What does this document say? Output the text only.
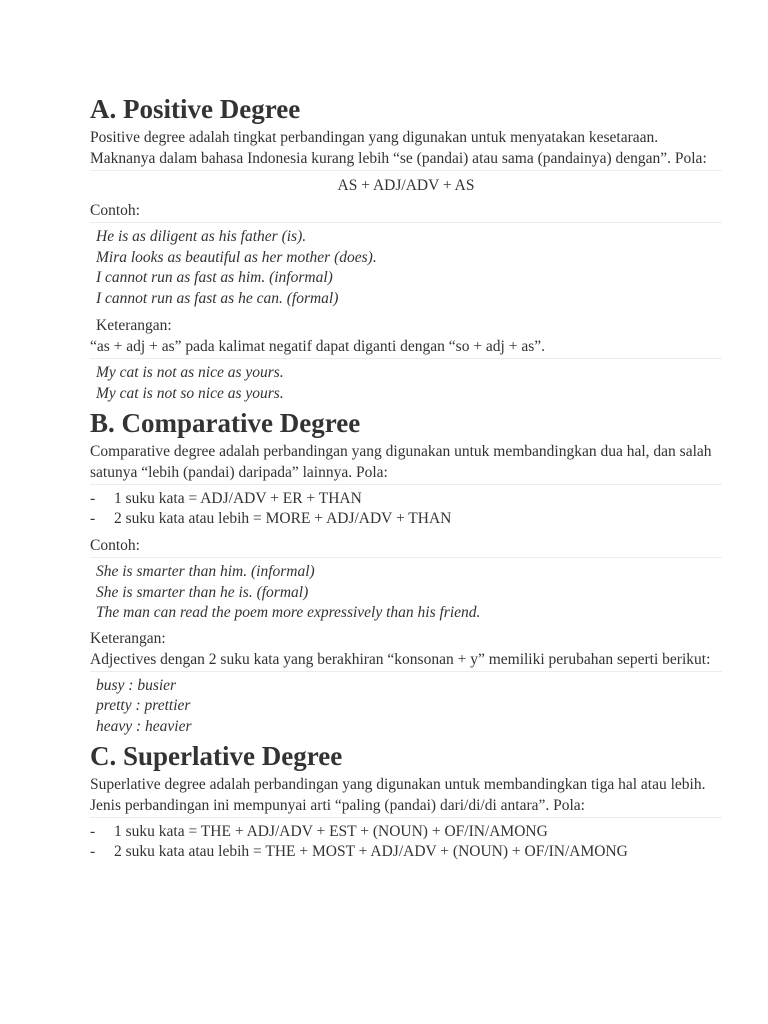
A. Positive Degree

Positive degree adalah tingkat perbandingan yang digunakan untuk menyatakan kesetaraan. Maknanya dalam bahasa Indonesia kurang lebih “se (pandai) atau sama (pandainya) dengan”. Pola:

AS + ADJ/ADV + AS

Contoh:

He is as diligent as his father (is).
Mira looks as beautiful as her mother (does).
I cannot run as fast as him. (informal)
I cannot run as fast as he can. (formal)

Keterangan:

“as + adj + as” pada kalimat negatif dapat diganti dengan “so + adj + as”.

My cat is not as nice as yours.
My cat is not so nice as yours.
B. Comparative Degree

Comparative degree adalah perbandingan yang digunakan untuk membandingkan dua hal, dan salah satunya “lebih (pandai) daripada” lainnya. Pola:

- 1 suku kata = ADJ/ADV + ER + THAN
- 2 suku kata atau lebih = MORE + ADJ/ADV + THAN

Contoh:

She is smarter than him. (informal)
She is smarter than he is. (formal)
The man can read the poem more expressively than his friend.

Keterangan:

Adjectives dengan 2 suku kata yang berakhiran “konsonan + y” memiliki perubahan seperti berikut:

busy : busier
pretty : prettier
heavy : heavier
C. Superlative Degree

Superlative degree adalah perbandingan yang digunakan untuk membandingkan tiga hal atau lebih. Jenis perbandingan ini mempunyai arti “paling (pandai) dari/di/di antara”. Pola:

- 1 suku kata = THE + ADJ/ADV + EST + (NOUN) + OF/IN/AMONG
- 2 suku kata atau lebih = THE + MOST + ADJ/ADV + (NOUN) + OF/IN/AMONG
